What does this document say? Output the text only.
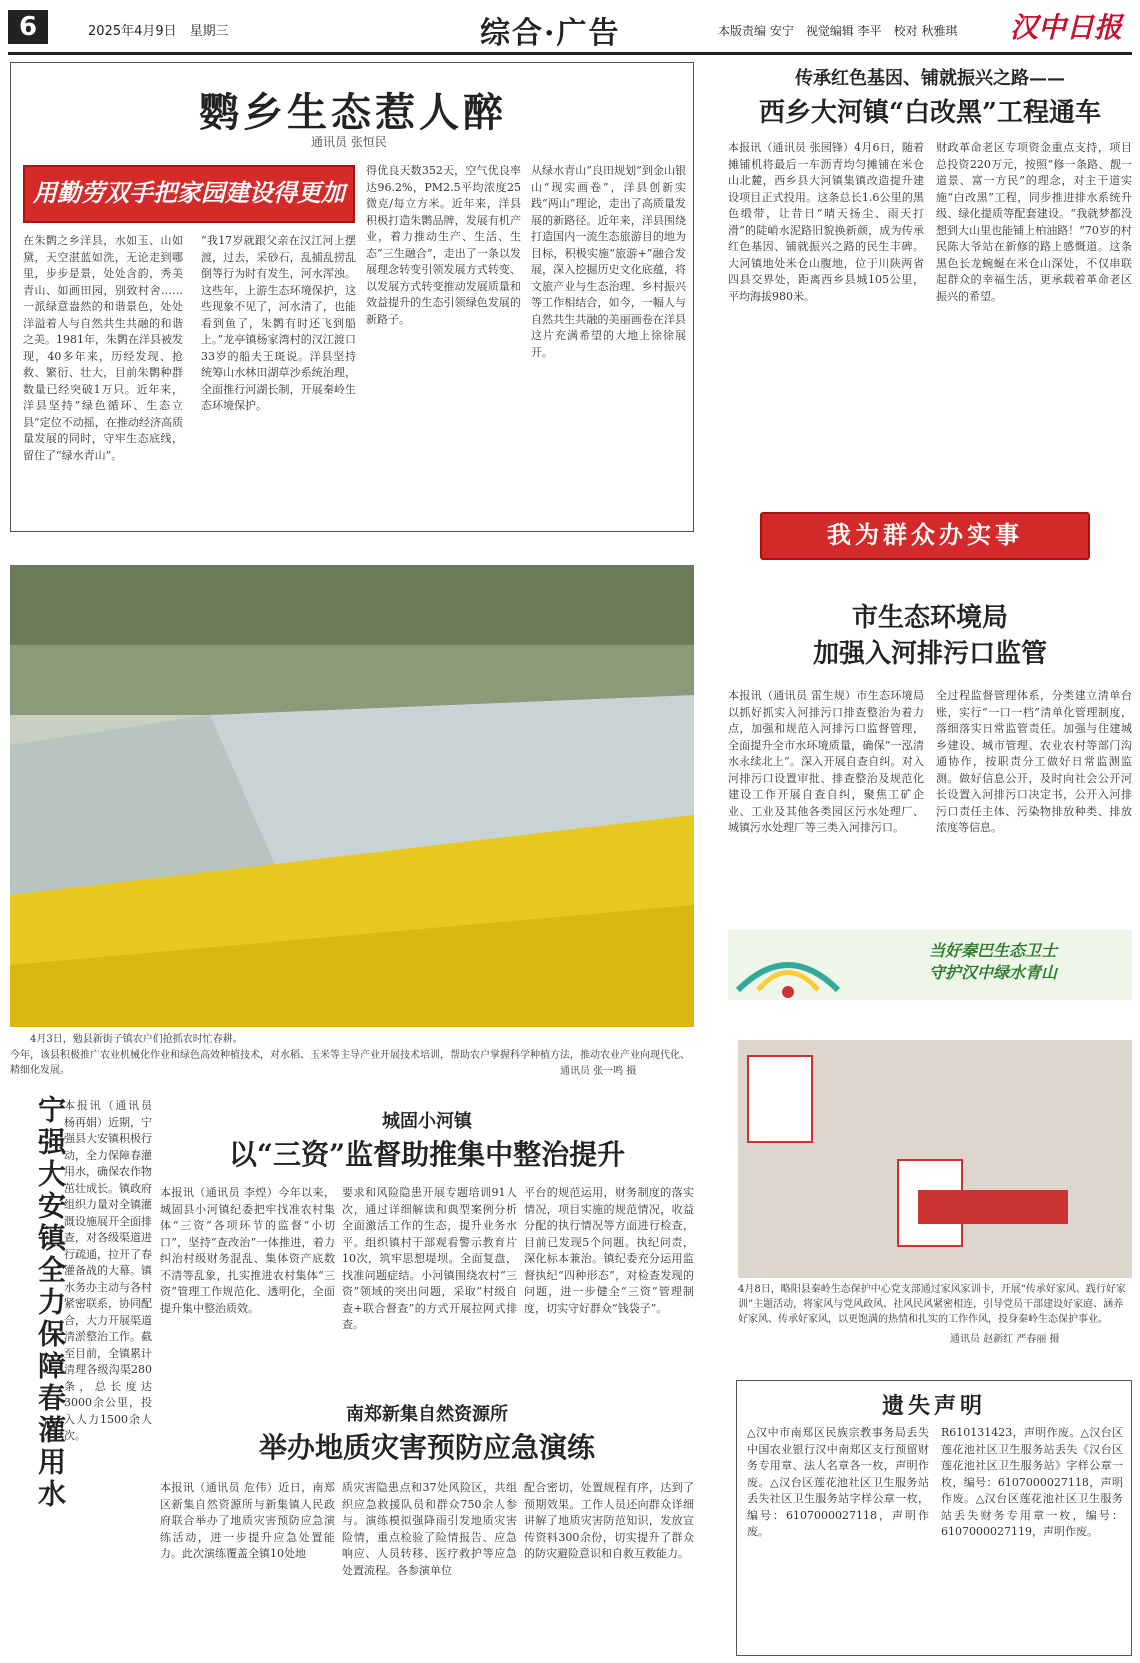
6	2025年4月9日　星期三	综合·广告	本版责编 安宁　视觉编辑 李平　校对 秋雅琪 汉中日报
鹦乡生态惹人醉
通讯员 张恒民
用勤劳双手把家园建设得更加美丽
在朱鹮之乡洋县，水如玉、山如黛，天空湛蓝如洗，无论走到哪里，步步是景，处处含韵，秀美青山、如画田园，别致村舍……一派绿意盎然的和谐景色，处处洋溢着人与自然共生共融的和谐之美。1981年，朱鹮在洋县被发现，40多年来，历经发现、抢救、繁衍、壮大，目前朱鹮种群数量已经突破1万只。近年来，洋县坚持“绿色循环、生态立县”定位不动摇，在推动经济高质量发展的同时，守牢生态底线，留住了“绿水青山”。
“我17岁就跟父亲在汉江河上摆渡，过去，采砂石，乱捕乱捞乱倒等行为时有发生，河水浑浊。这些年，上游生态环境保护，这些现象不见了，河水清了，也能看到鱼了，朱鹮有时还飞到船上。”龙亭镇杨家湾村的汉江渡口33岁的船夫王斑说。洋县坚持统筹山水林田湖草沙系统治理，全面推行河湖长制，开展秦岭生态环境保护。
得优良天数352天，空气优良率达96.2%，PM2.5平均浓度25微克/每立方米。近年来，洋县积极打造朱鹮品牌，发展有机产业，着力推动生产、生活、生态“三生融合”，走出了一条以发展理念转变引领发展方式转变、以发展方式转变推动发展质量和效益提升的生态引领绿色发展的新路子。
从绿水青山“良田规划”到金山银山“现实画卷”，洋县创新实践“两山”理论，走出了高质量发展的新路径。近年来，洋县围绕打造国内一流生态旅游目的地为目标，积极实施“旅游+”融合发展，深入挖掘历史文化底蕴，将文旅产业与生态治理、乡村振兴等工作相结合，如今，一幅人与自然共生共融的美丽画卷在洋县这片充满希望的大地上徐徐展开。
传承红色基因、铺就振兴之路——
西乡大河镇“白改黑”工程通车
本报讯（通讯员 张园锋）4月6日，随着摊铺机将最后一车沥青均匀摊铺在米仓山北麓，西乡县大河镇集镇改造提升建设项目正式投用。这条总长1.6公里的黑色缎带，让昔日“晴天扬尘、雨天打滑”的陡峭水泥路旧貌换新颜，成为传承红色基因、铺就振兴之路的民生丰碑。大河镇地处米仓山腹地，位于川陕两省四县交界处，距离西乡县城105公里，平均海拔980米。
财政革命老区专项资金重点支持，项目总投资220万元，按照“修一条路、靓一道景、富一方民”的理念，对主干道实施“白改黑”工程，同步推进排水系统升级、绿化提质等配套建设。“我就梦都没想到大山里也能铺上柏油路！”70岁的村民陈大爷站在新修的路上感慨道。这条黑色长龙蜿蜒在米仓山深处，不仅串联起群众的幸福生活，更承载着革命老区振兴的希望。
我为群众办实事
市生态环境局
加强入河排污口监管
本报讯（通讯员 雷生规）市生态环境局以抓好抓实入河排污口排查整治为着力点，加强和规范入河排污口监督管理，全面提升全市水环境质量，确保“一泓清水永续北上”。深入开展自查自纠。对入河排污口设置审批、排查整治及规范化建设工作开展自查自纠，聚焦工矿企业、工业及其他各类园区污水处理厂、城镇污水处理厂等三类入河排污口。
全过程监督管理体系，分类建立清单台账，实行“一口一档”清单化管理制度，落细落实日常监管责任。加强与住建城乡建设、城市管理、农业农村等部门沟通协作，按职责分工做好日常监测监测。做好信息公开，及时向社会公开河长设置入河排污口决定书，公开入河排污口责任主体、污染物排放种类、排放浓度等信息。
当好秦巴生态卫士
守护汉中绿水青山
4月3日，勉县新街子镇农户们抢抓农时忙春耕。
今年，该县积极推广农业机械化作业和绿色高效种植技术，对水稻、玉米等主导产业开展技术培训，帮助农户掌握科学种植方法，推动农业产业向现代化、精细化发展。	通讯员 张一鸣 摄
宁强大安镇全力保障春灌用水
本报讯（通讯员 杨再娟）近期，宁强县大安镇积极行动，全力保障春灌用水，确保农作物茁壮成长。镇政府组织力量对全镇灌溉设施展开全面排查，对各级渠道进行疏通，拉开了春灌备战的大幕。镇水务办主动与各村紧密联系，协同配合，大力开展渠道清淤整治工作。截至目前，全镇累计清理各级沟渠280条，总长度达3000余公里，投入人力1500余人次。
城固小河镇
以“三资”监督助推集中整治提升
本报讯（通讯员 李煌）今年以来，城固县小河镇纪委把牢找准农村集体“三资”各项环节的监督“小切口”，坚持“查改治”一体推进，着力纠治村级财务混乱、集体资产底数不清等乱象，扎实推进农村集体“三资”管理工作规范化、透明化，全面提升集中整治质效。
要求和风险隐患开展专题培训91人次，通过详细解读和典型案例分析全面激活工作的生态，提升业务水平。组织镇村干部观看警示教育片10次，筑牢思想堤坝。全面复盘，找准问题症结。小河镇围绕农村“三资”领域的突出问题，采取“村级自查+联合督查”的方式开展拉网式排查。
平台的规范运用，财务制度的落实情况，项目实施的规范情况，收益分配的执行情况等方面进行检查，目前已发现5个问题。执纪问责，深化标本兼治。镇纪委充分运用监督执纪“四种形态”，对检查发现的问题，进一步健全“三资”管理制度，切实守好群众“钱袋子”。
南郑新集自然资源所
举办地质灾害预防应急演练
本报讯（通讯员 危伟）近日，南郑区新集自然资源所与新集镇人民政府联合举办了地质灾害预防应急演练活动，进一步提升应急处置能力。此次演练覆盖全镇10处地
质灾害隐患点和37处风险区，共组织应急救援队员和群众750余人参与。演练模拟强降雨引发地质灾害险情，重点检验了险情报告、应急响应、人员转移、医疗救护等应急处置流程。各参演单位
配合密切，处置规程有序，达到了预期效果。工作人员还向群众详细讲解了地质灾害防范知识，发放宣传资料300余份，切实提升了群众的防灾避险意识和自救互救能力。
4月8日，略阳县秦岭生态保护中心党支部通过家风家训卡，开展“传承好家风、践行好家训”主题活动，将家风与党风政风、社风民风紧密相连，引导党员干部建设好家庭、涵养好家风、传承好家风，以更饱满的热情和扎实的工作作风，投身秦岭生态保护事业。
通讯员 赵新红 严春丽 摄
遗失声明
△汉中市南郑区民族宗教事务局丢失中国农业银行汉中南郑区支行预留财务专用章、法人名章各一枚，声明作废。△汉台区莲花池社区卫生服务站丢失社区卫生服务站字样公章一枚，编号：6107000027118，声明作废。
R610131423，声明作废。△汉台区莲花池社区卫生服务站丢失《汉台区莲花池社区卫生服务站》字样公章一枚，编号：6107000027118，声明作废。△汉台区莲花池社区卫生服务站丢失财务专用章一枚，编号：6107000027119，声明作废。
